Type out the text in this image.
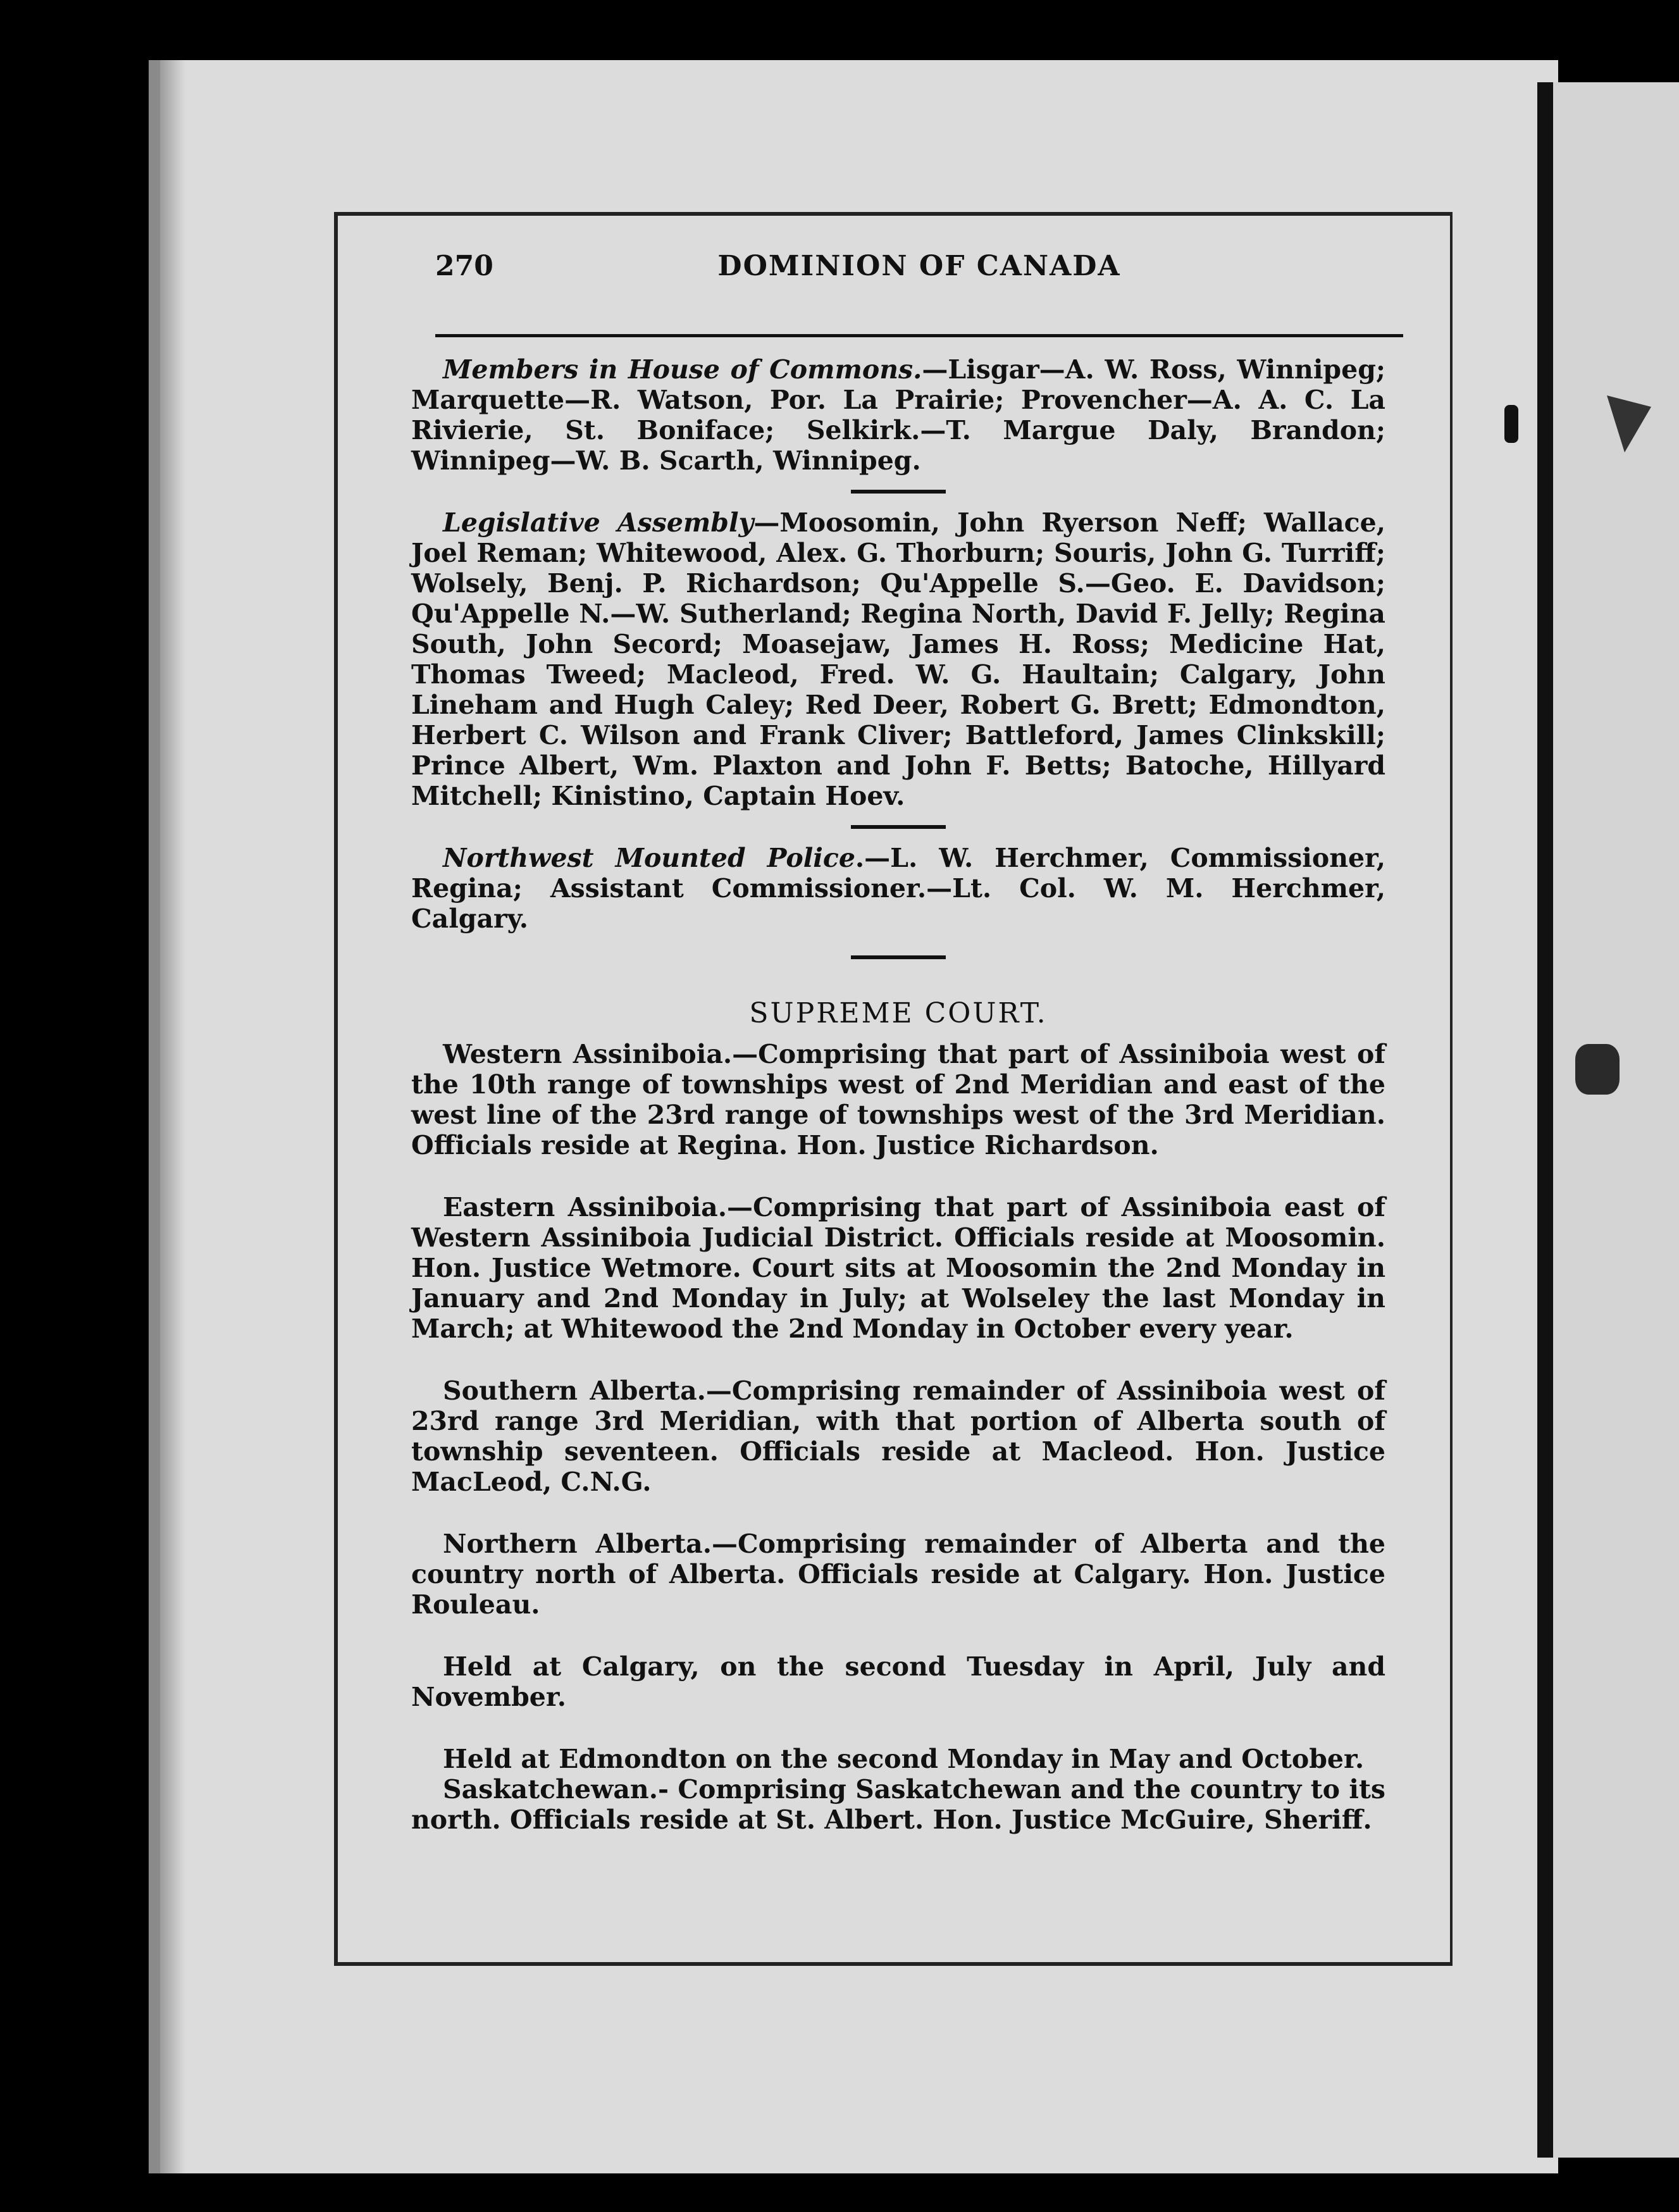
270	DOMINION OF CANADA

Members in House of Commons.—Lisgar—A. W. Ross, Winnipeg; Marquette—R. Watson, Por. La Prairie; Provencher—A. A. C. La Rivierie, St. Boniface; Selkirk.—T. Margue Daly, Brandon; Winnipeg—W. B. Scarth, Winnipeg.

Legislative Assembly—Moosomin, John Ryerson Neff; Wallace, Joel Reman; Whitewood, Alex. G. Thorburn; Souris, John G. Turriff; Wolsely, Benj. P. Richardson; Qu'Appelle S.—Geo. E. Davidson; Qu'Appelle N.—W. Sutherland; Regina North, David F. Jelly; Regina South, John Secord; Moasejaw, James H. Ross; Medicine Hat, Thomas Tweed; Macleod, Fred. W. G. Haultain; Calgary, John Lineham and Hugh Caley; Red Deer, Robert G. Brett; Edmondton, Herbert C. Wilson and Frank Cliver; Battleford, James Clinkskill; Prince Albert, Wm. Plaxton and John F. Betts; Batoche, Hillyard Mitchell; Kinistino, Captain Hoev.

Northwest Mounted Police.—L. W. Herchmer, Commissioner, Regina; Assistant Commissioner.—Lt. Col. W. M. Herchmer, Calgary.

SUPREME COURT.

Western Assiniboia.—Comprising that part of Assiniboia west of the 10th range of townships west of 2nd Meridian and east of the west line of the 23rd range of townships west of the 3rd Meridian. Officials reside at Regina. Hon. Justice Richardson.

Eastern Assiniboia.—Comprising that part of Assiniboia east of Western Assiniboia Judicial District. Officials reside at Moosomin. Hon. Justice Wetmore. Court sits at Moosomin the 2nd Monday in January and 2nd Monday in July; at Wolseley the last Monday in March; at Whitewood the 2nd Monday in October every year.

Southern Alberta.—Comprising remainder of Assiniboia west of 23rd range 3rd Meridian, with that portion of Alberta south of township seventeen. Officials reside at Macleod. Hon. Justice MacLeod, C.N.G.

Northern Alberta.—Comprising remainder of Alberta and the country north of Alberta. Officials reside at Calgary. Hon. Justice Rouleau.

Held at Calgary, on the second Tuesday in April, July and November.

Held at Edmondton on the second Monday in May and October.

Saskatchewan.- Comprising Saskatchewan and the country to its north. Officials reside at St. Albert. Hon. Justice McGuire, Sheriff.
